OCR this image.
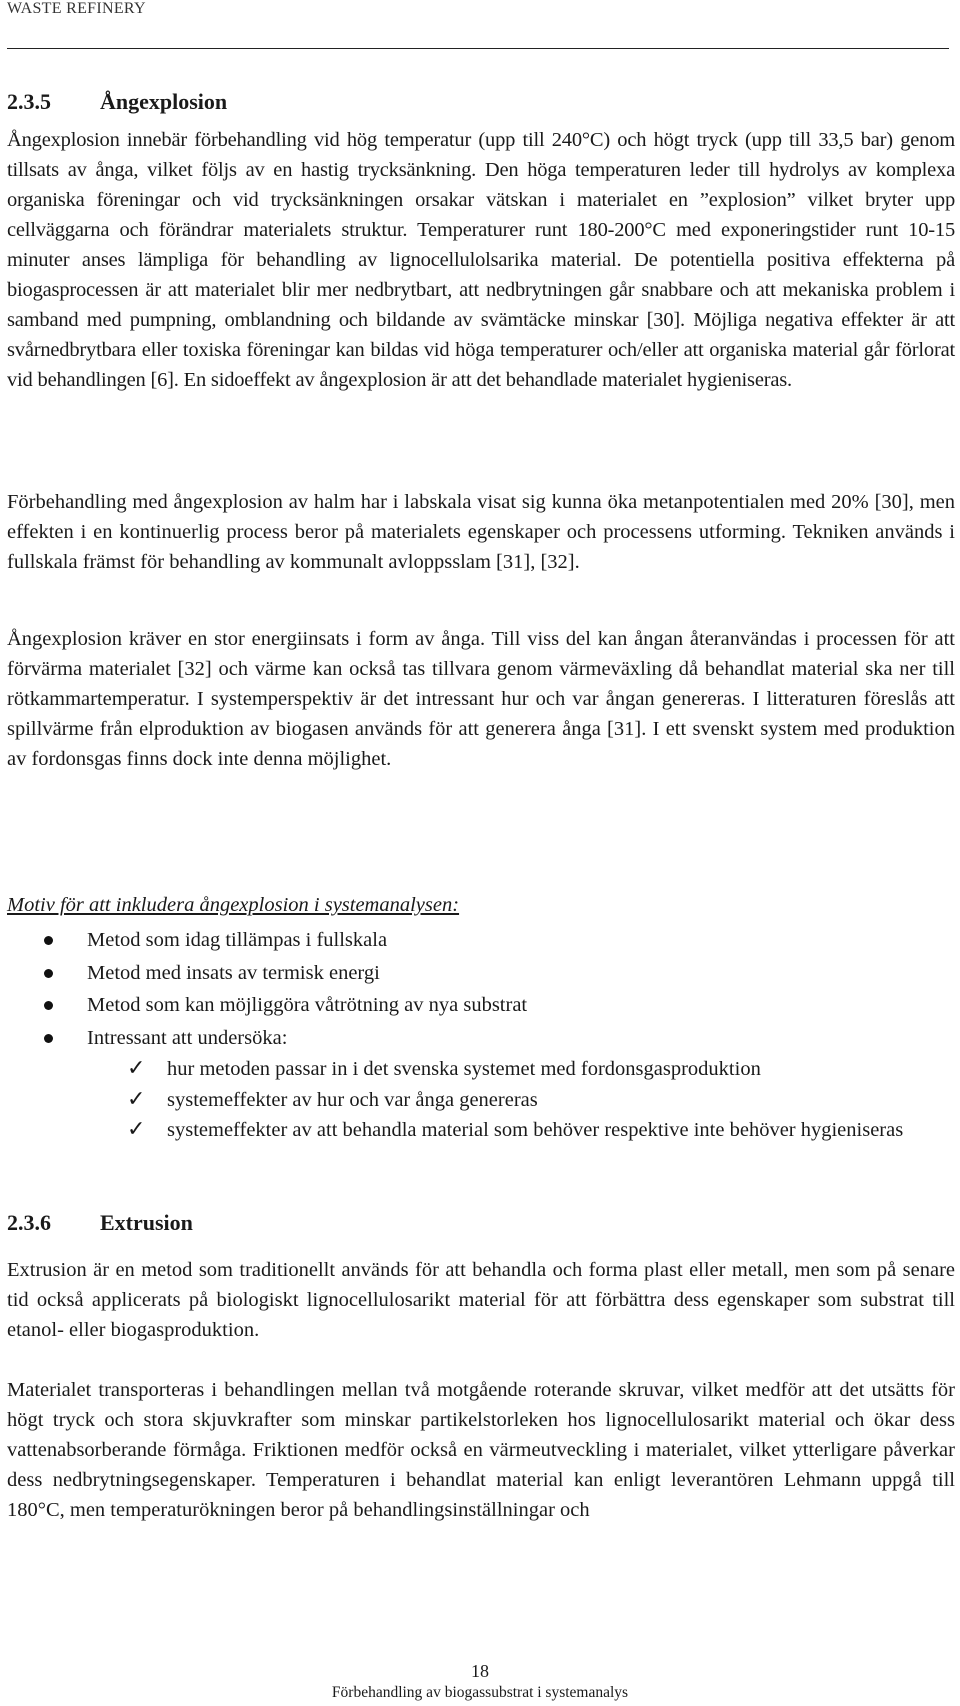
WASTE REFINERY
2.3.5 Ångexplosion

Ångexplosion innebär förbehandling vid hög temperatur (upp till 240°C) och högt tryck (upp till 33,5 bar) genom tillsats av ånga, vilket följs av en hastig trycksänkning. Den höga temperaturen leder till hydrolys av komplexa organiska föreningar och vid trycksänkningen orsakar vätskan i materialet en ”explosion” vilket bryter upp cellväggarna och förändrar materialets struktur. Temperaturer runt 180-200°C med exponeringstider runt 10-15 minuter anses lämpliga för behandling av lignocellulolsarika material. De potentiella positiva effekterna på biogasprocessen är att materialet blir mer nedbrytbart, att nedbrytningen går snabbare och att mekaniska problem i samband med pumpning, omblandning och bildande av svämtäcke minskar [30]. Möjliga negativa effekter är att svårnedbrytbara eller toxiska föreningar kan bildas vid höga temperaturer och/eller att organiska material går förlorat vid behandlingen [6]. En sidoeffekt av ångexplosion är att det behandlade materialet hygieniseras.

Förbehandling med ångexplosion av halm har i labskala visat sig kunna öka metanpotentialen med 20% [30], men effekten i en kontinuerlig process beror på materialets egenskaper och processens utforming. Tekniken används i fullskala främst för behandling av kommunalt avloppsslam [31], [32].

Ångexplosion kräver en stor energiinsats i form av ånga. Till viss del kan ångan återanvändas i processen för att förvärma materialet [32] och värme kan också tas tillvara genom värmeväxling då behandlat material ska ner till rötkammartemperatur. I systemperspektiv är det intressant hur och var ångan genereras. I litteraturen föreslås att spillvärme från elproduktion av biogasen används för att generera ånga [31]. I ett svenskt system med produktion av fordonsgas finns dock inte denna möjlighet.

Motiv för att inkludera ångexplosion i systemanalysen:

Metod som idag tillämpas i fullskala
Metod med insats av termisk energi
Metod som kan möjliggöra våtrötning av nya substrat
Intressant att undersöka:
✓ hur metoden passar in i det svenska systemet med fordonsgasproduktion
✓ systemeffekter av hur och var ånga genereras
✓ systemeffekter av att behandla material som behöver respektive inte behöver hygieniseras
2.3.6 Extrusion

Extrusion är en metod som traditionellt används för att behandla och forma plast eller metall, men som på senare tid också applicerats på biologiskt lignocellulosarikt material för att förbättra dess egenskaper som substrat till etanol- eller biogasproduktion.

Materialet transporteras i behandlingen mellan två motgående roterande skruvar, vilket medför att det utsätts för högt tryck och stora skjuvkrafter som minskar partikelstorleken hos lignocellulosarikt material och ökar dess vattenabsorberande förmåga. Friktionen medför också en värmeutveckling i materialet, vilket ytterligare påverkar dess nedbrytningsegenskaper. Temperaturen i behandlat material kan enligt leverantören Lehmann uppgå till 180°C, men temperaturökningen beror på behandlingsinställningar och

18
Förbehandling av biogassubstrat i systemanalys
